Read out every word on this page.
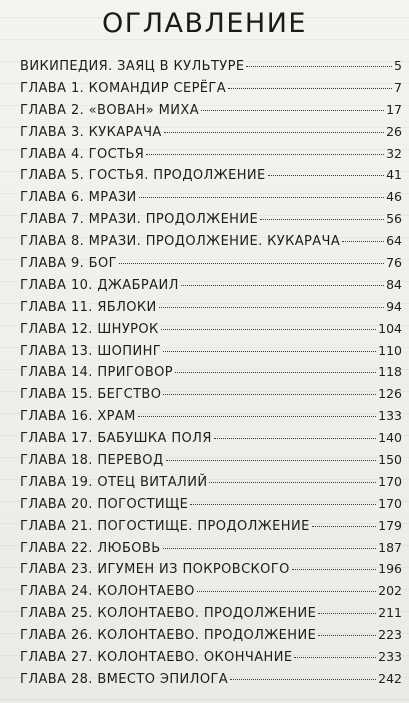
ОГЛАВЛЕНИЕ
ВИКИПЕДИЯ. ЗАЯЦ В КУЛЬТУРЕ	5
ГЛАВА 1. КОМАНДИР СЕРЁГА	7
ГЛАВА 2. «ВОВАН» МИХА	17
ГЛАВА 3. КУКАРАЧА	26
ГЛАВА 4. ГОСТЬЯ	32
ГЛАВА 5. ГОСТЬЯ. ПРОДОЛЖЕНИЕ	41
ГЛАВА 6. МРАЗИ	46
ГЛАВА 7. МРАЗИ. ПРОДОЛЖЕНИЕ	56
ГЛАВА 8. МРАЗИ. ПРОДОЛЖЕНИЕ. КУКАРАЧА	64
ГЛАВА 9. БОГ	76
ГЛАВА 10. ДЖАБРАИЛ	84
ГЛАВА 11. ЯБЛОКИ	94
ГЛАВА 12. ШНУРОК	104
ГЛАВА 13. ШОПИНГ	110
ГЛАВА 14. ПРИГОВОР	118
ГЛАВА 15. БЕГСТВО	126
ГЛАВА 16. ХРАМ	133
ГЛАВА 17. БАБУШКА ПОЛЯ	140
ГЛАВА 18. ПЕРЕВОД	150
ГЛАВА 19. ОТЕЦ ВИТАЛИЙ	170
ГЛАВА 20. ПОГОСТИЩЕ	170
ГЛАВА 21. ПОГОСТИЩЕ. ПРОДОЛЖЕНИЕ	179
ГЛАВА 22. ЛЮБОВЬ	187
ГЛАВА 23. ИГУМЕН ИЗ ПОКРОВСКОГО	196
ГЛАВА 24. КОЛОНТАЕВО	202
ГЛАВА 25. КОЛОНТАЕВО. ПРОДОЛЖЕНИЕ	211
ГЛАВА 26. КОЛОНТАЕВО. ПРОДОЛЖЕНИЕ	223
ГЛАВА 27. КОЛОНТАЕВО. ОКОНЧАНИЕ	233
ГЛАВА 28. ВМЕСТО ЭПИЛОГА	242
